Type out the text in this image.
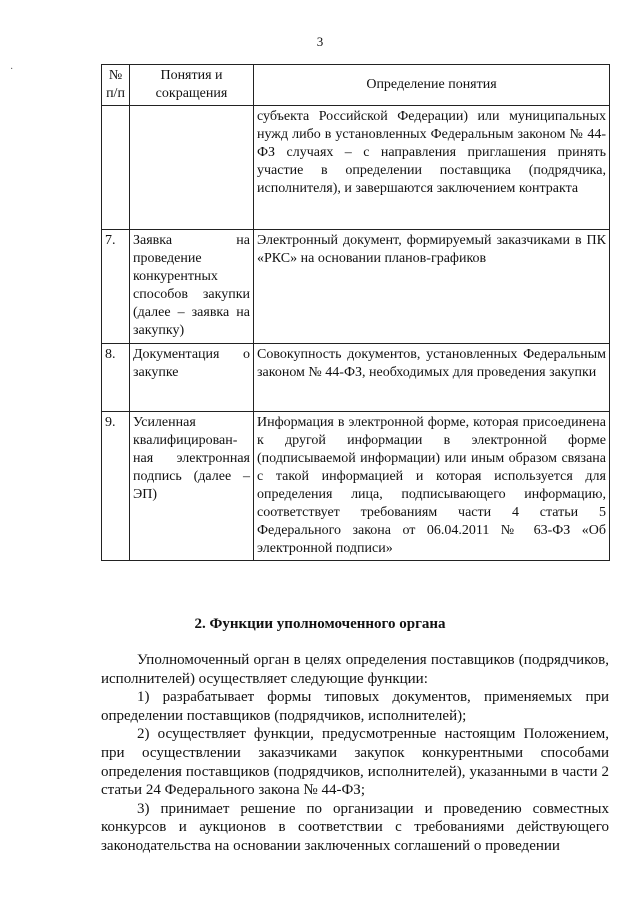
3
·	№ п/п	Понятия и сокращения	Определение понятия
		субъекта Российской Федерации) или муниципальных нужд либо в установленных Федеральным законом № 44-ФЗ случаях – с направления приглашения принять участие в определении поставщика (подрядчика, исполнителя), и завершаются заключением контракта
7.	Заявка на проведение конкурентных способов закупки (далее – заявка на закупку)	Электронный документ, формируемый заказчиками в ПК «РКС» на основании планов-графиков
8.	Документация о закупке	Совокупность документов, установленных Федеральным законом № 44-ФЗ, необходимых для проведения закупки
9.	Усиленная квалифицирован-ная электронная подпись (далее – ЭП)	Информация в электронной форме, которая присоединена к другой информации в электронной форме (подписываемой информации) или иным образом связана с такой информацией и которая используется для определения лица, подписывающего информацию, соответствует требованиям части 4 статьи 5 Федерального закона от 06.04.2011 № 63-ФЗ «Об электронной подписи»
2. Функции уполномоченного органа

Уполномоченный орган в целях определения поставщиков (подрядчиков, исполнителей) осуществляет следующие функции:

1) разрабатывает формы типовых документов, применяемых при определении поставщиков (подрядчиков, исполнителей);

2) осуществляет функции, предусмотренные настоящим Положением, при осуществлении заказчиками закупок конкурентными способами определения поставщиков (подрядчиков, исполнителей), указанными в части 2 статьи 24 Федерального закона № 44-ФЗ;

3) принимает решение по организации и проведению совместных конкурсов и аукционов в соответствии с требованиями действующего законодательства на основании заключенных соглашений о проведении
